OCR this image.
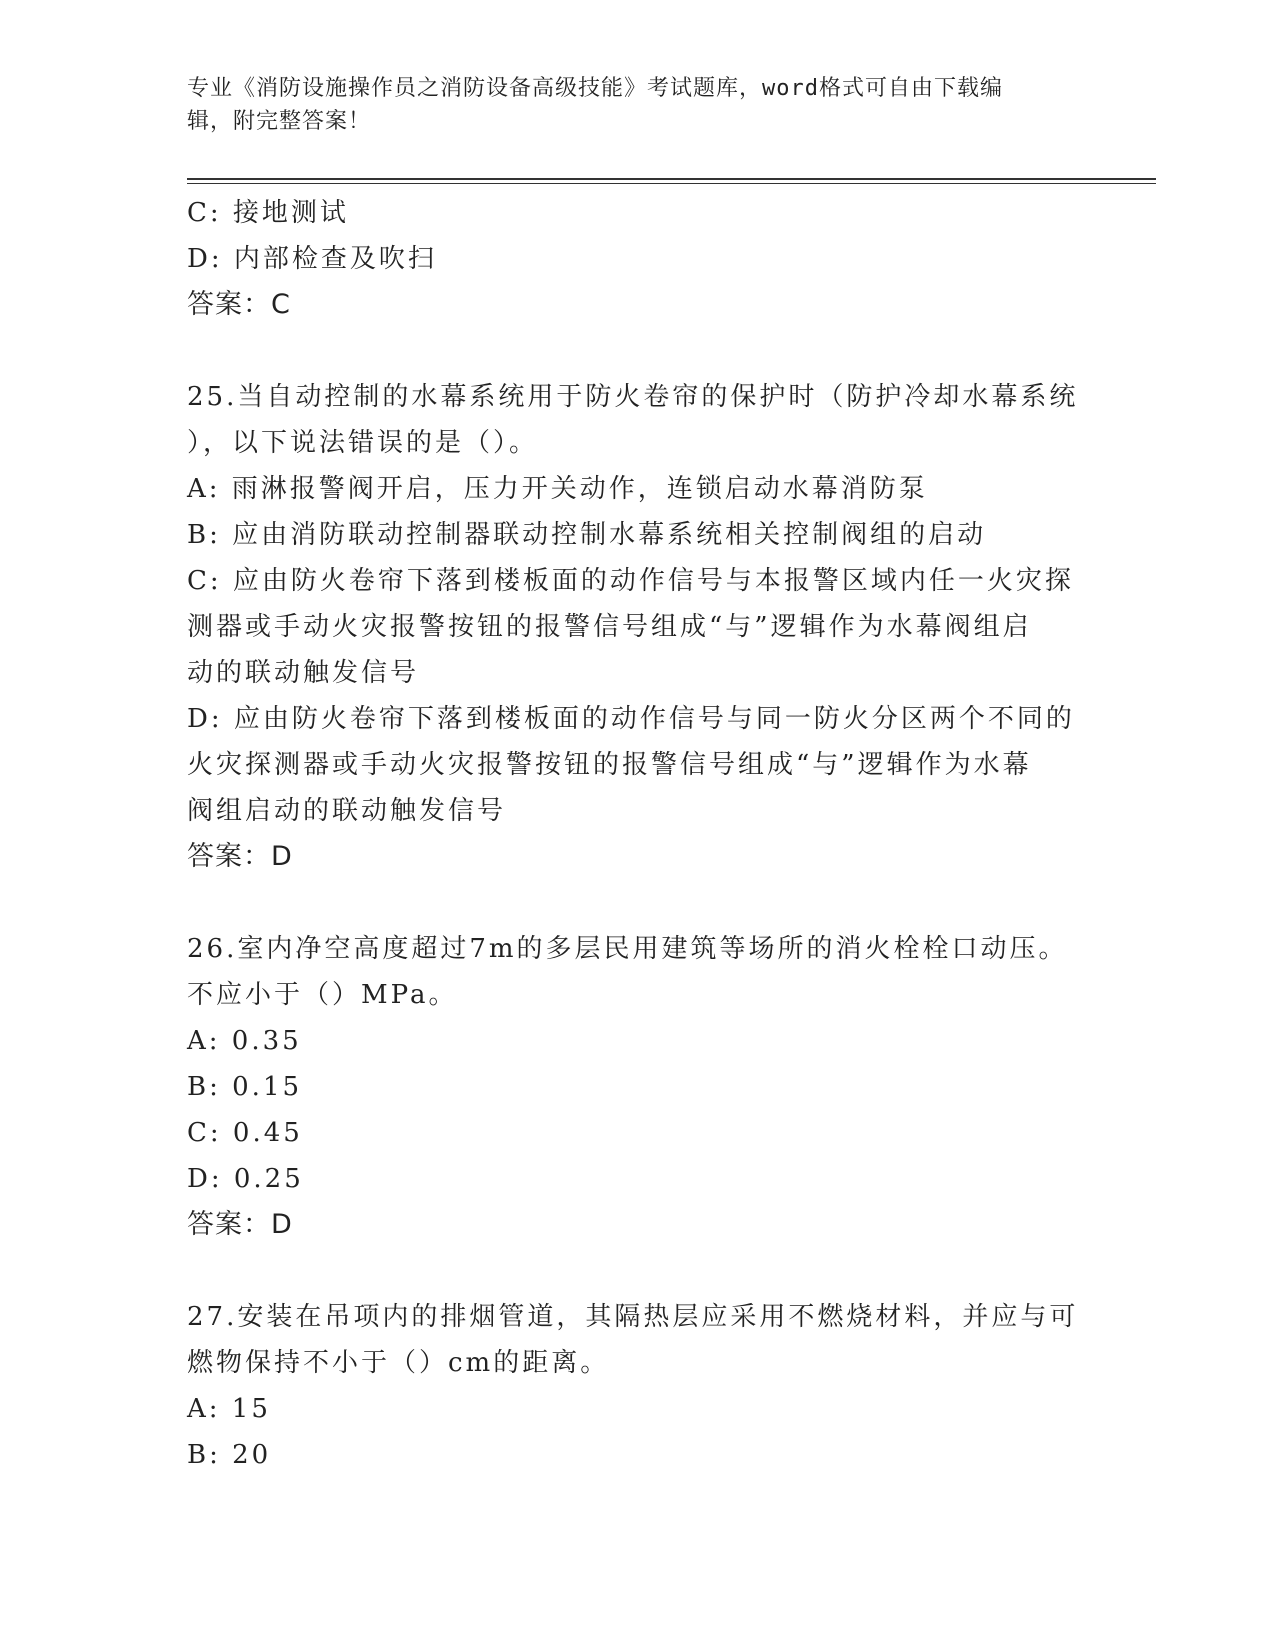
专业《消防设施操作员之消防设备高级技能》考试题库，word格式可自由下载编
辑，附完整答案！
C: 接地测试
D: 内部检查及吹扫
答案：C
25.当自动控制的水幕系统用于防火卷帘的保护时（防护冷却水幕系统
），以下说法错误的是（）。
A: 雨淋报警阀开启，压力开关动作，连锁启动水幕消防泵
B: 应由消防联动控制器联动控制水幕系统相关控制阀组的启动
C: 应由防火卷帘下落到楼板面的动作信号与本报警区域内任一火灾探
测器或手动火灾报警按钮的报警信号组成“与”逻辑作为水幕阀组启
动的联动触发信号
D: 应由防火卷帘下落到楼板面的动作信号与同一防火分区两个不同的
火灾探测器或手动火灾报警按钮的报警信号组成“与”逻辑作为水幕
阀组启动的联动触发信号
答案：D
26.室内净空高度超过7m的多层民用建筑等场所的消火栓栓口动压。
不应小于（）MPa。
A: 0.35
B: 0.15
C: 0.45
D: 0.25
答案：D
27.安装在吊项内的排烟管道，其隔热层应采用不燃烧材料，并应与可
燃物保持不小于（）cm的距离。
A: 15
B: 20
